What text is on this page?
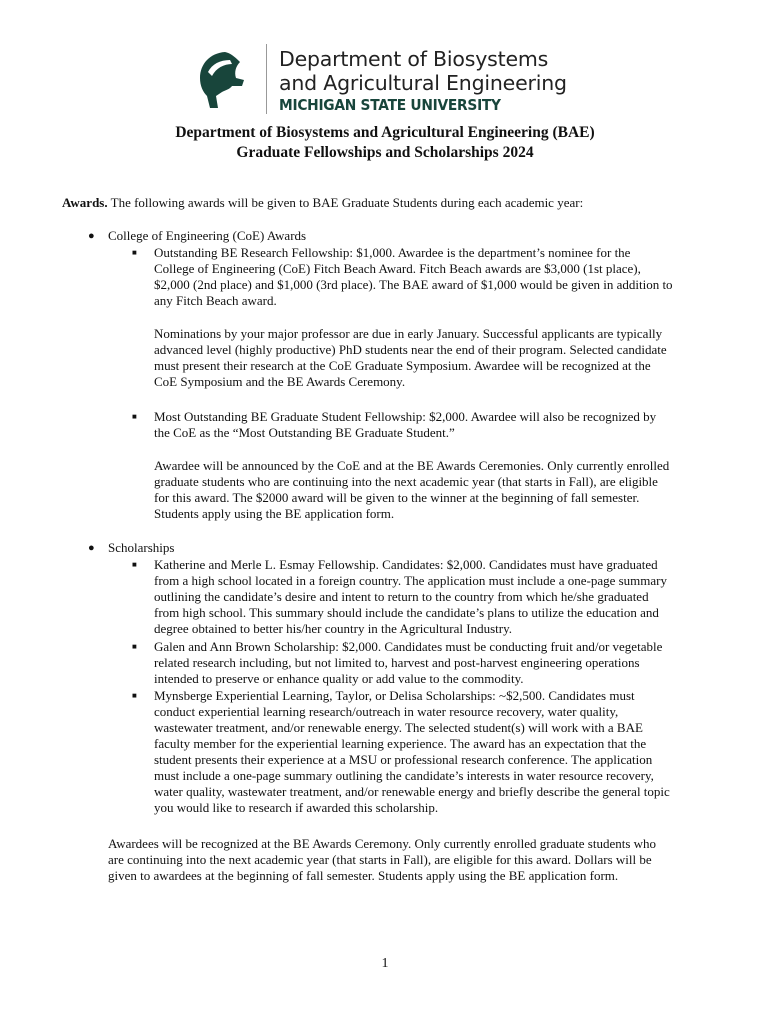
Department of Biosystems
and Agricultural Engineering
MICHIGAN STATE UNIVERSITY
Department of Biosystems and Agricultural Engineering (BAE)
Graduate Fellowships and Scholarships 2024
Awards. The following awards will be given to BAE Graduate Students during each academic year:
● College of Engineering (CoE) Awards
■ Outstanding BE Research Fellowship: $1,000. Awardee is the department’s nominee for the
College of Engineering (CoE) Fitch Beach Award. Fitch Beach awards are $3,000 (1st place),
$2,000 (2nd place) and $1,000 (3rd place). The BAE award of $1,000 would be given in addition to
any Fitch Beach award.
Nominations by your major professor are due in early January. Successful applicants are typically
advanced level (highly productive) PhD students near the end of their program. Selected candidate
must present their research at the CoE Graduate Symposium. Awardee will be recognized at the
CoE Symposium and the BE Awards Ceremony.
■ Most Outstanding BE Graduate Student Fellowship: $2,000. Awardee will also be recognized by
the CoE as the “Most Outstanding BE Graduate Student.”
Awardee will be announced by the CoE and at the BE Awards Ceremonies. Only currently enrolled
graduate students who are continuing into the next academic year (that starts in Fall), are eligible
for this award. The $2000 award will be given to the winner at the beginning of fall semester.
Students apply using the BE application form.
● Scholarships
■ Katherine and Merle L. Esmay Fellowship. Candidates: $2,000. Candidates must have graduated
from a high school located in a foreign country. The application must include a one-page summary
outlining the candidate’s desire and intent to return to the country from which he/she graduated
from high school. This summary should include the candidate’s plans to utilize the education and
degree obtained to better his/her country in the Agricultural Industry.
■ Galen and Ann Brown Scholarship: $2,000. Candidates must be conducting fruit and/or vegetable
related research including, but not limited to, harvest and post-harvest engineering operations
intended to preserve or enhance quality or add value to the commodity.
■ Mynsberge Experiential Learning, Taylor, or Delisa Scholarships: ~$2,500. Candidates must
conduct experiential learning research/outreach in water resource recovery, water quality,
wastewater treatment, and/or renewable energy. The selected student(s) will work with a BAE
faculty member for the experiential learning experience. The award has an expectation that the
student presents their experience at a MSU or professional research conference. The application
must include a one-page summary outlining the candidate’s interests in water resource recovery,
water quality, wastewater treatment, and/or renewable energy and briefly describe the general topic
you would like to research if awarded this scholarship.
Awardees will be recognized at the BE Awards Ceremony. Only currently enrolled graduate students who
are continuing into the next academic year (that starts in Fall), are eligible for this award. Dollars will be
given to awardees at the beginning of fall semester. Students apply using the BE application form.
1
